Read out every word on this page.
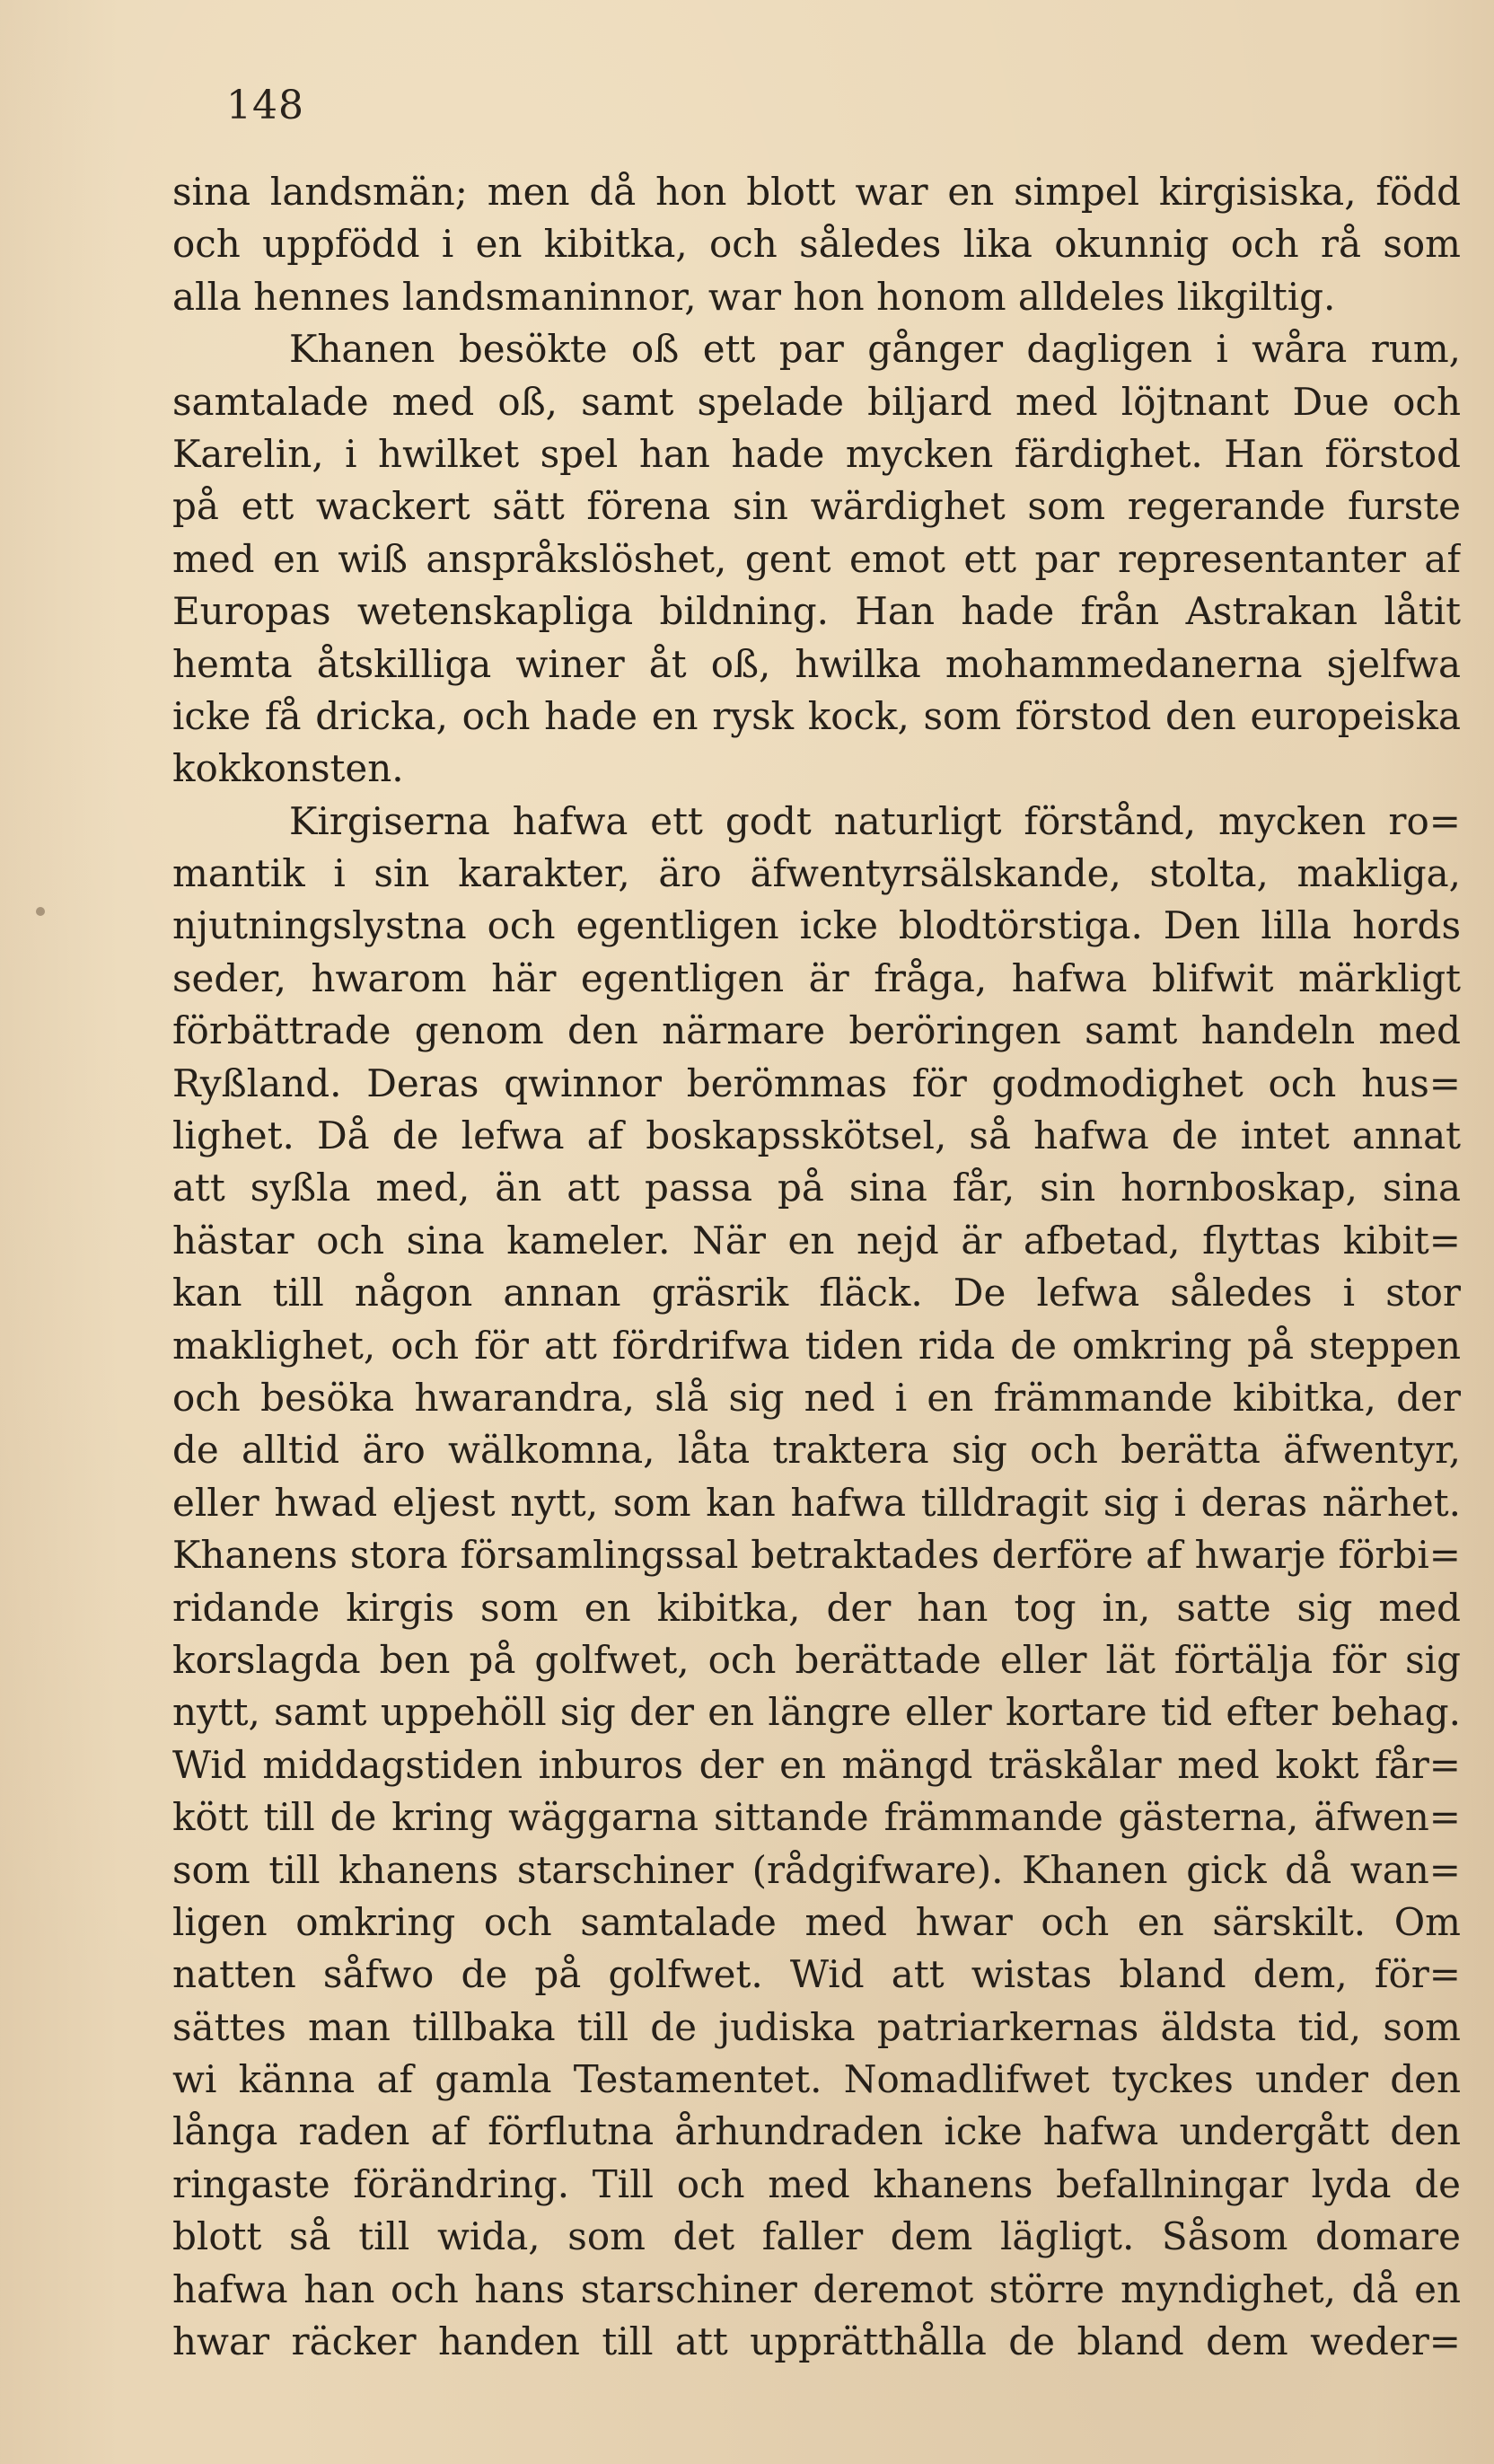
148
sina landsmän; men då hon blott war en simpel kirgisiska, född
och uppfödd i en kibitka, och således lika okunnig och rå som
alla hennes landsmaninnor, war hon honom alldeles likgiltig.
Khanen besökte oß ett par gånger dagligen i wåra rum,
samtalade med oß, samt spelade biljard med löjtnant Due och
Karelin, i hwilket spel han hade mycken färdighet. Han förstod
på ett wackert sätt förena sin wärdighet som regerande furste
med en wiß anspråkslöshet, gent emot ett par representanter af
Europas wetenskapliga bildning. Han hade från Astrakan låtit
hemta åtskilliga winer åt oß, hwilka mohammedanerna sjelfwa
icke få dricka, och hade en rysk kock, som förstod den europeiska
kokkonsten.
Kirgiserna hafwa ett godt naturligt förstånd, mycken ro=
mantik i sin karakter, äro äfwentyrsälskande, stolta, makliga,
njutningslystna och egentligen icke blodtörstiga. Den lilla hords
seder, hwarom här egentligen är fråga, hafwa blifwit märkligt
förbättrade genom den närmare beröringen samt handeln med
Ryßland. Deras qwinnor berömmas för godmodighet och hus=
lighet. Då de lefwa af boskapsskötsel, så hafwa de intet annat
att syßla med, än att passa på sina får, sin hornboskap, sina
hästar och sina kameler. När en nejd är afbetad, flyttas kibit=
kan till någon annan gräsrik fläck. De lefwa således i stor
maklighet, och för att fördrifwa tiden rida de omkring på steppen
och besöka hwarandra, slå sig ned i en främmande kibitka, der
de alltid äro wälkomna, låta traktera sig och berätta äfwentyr,
eller hwad eljest nytt, som kan hafwa tilldragit sig i deras närhet.
Khanens stora församlingssal betraktades derföre af hwarje förbi=
ridande kirgis som en kibitka, der han tog in, satte sig med
korslagda ben på golfwet, och berättade eller lät förtälja för sig
nytt, samt uppehöll sig der en längre eller kortare tid efter behag.
Wid middagstiden inburos der en mängd träskålar med kokt får=
kött till de kring wäggarna sittande främmande gästerna, äfwen=
som till khanens starschiner (rådgifware). Khanen gick då wan=
ligen omkring och samtalade med hwar och en särskilt. Om
natten såfwo de på golfwet. Wid att wistas bland dem, för=
sättes man tillbaka till de judiska patriarkernas äldsta tid, som
wi känna af gamla Testamentet. Nomadlifwet tyckes under den
långa raden af förflutna århundraden icke hafwa undergått den
ringaste förändring. Till och med khanens befallningar lyda de
blott så till wida, som det faller dem lägligt. Såsom domare
hafwa han och hans starschiner deremot större myndighet, då en
hwar räcker handen till att upprätthålla de bland dem weder=
